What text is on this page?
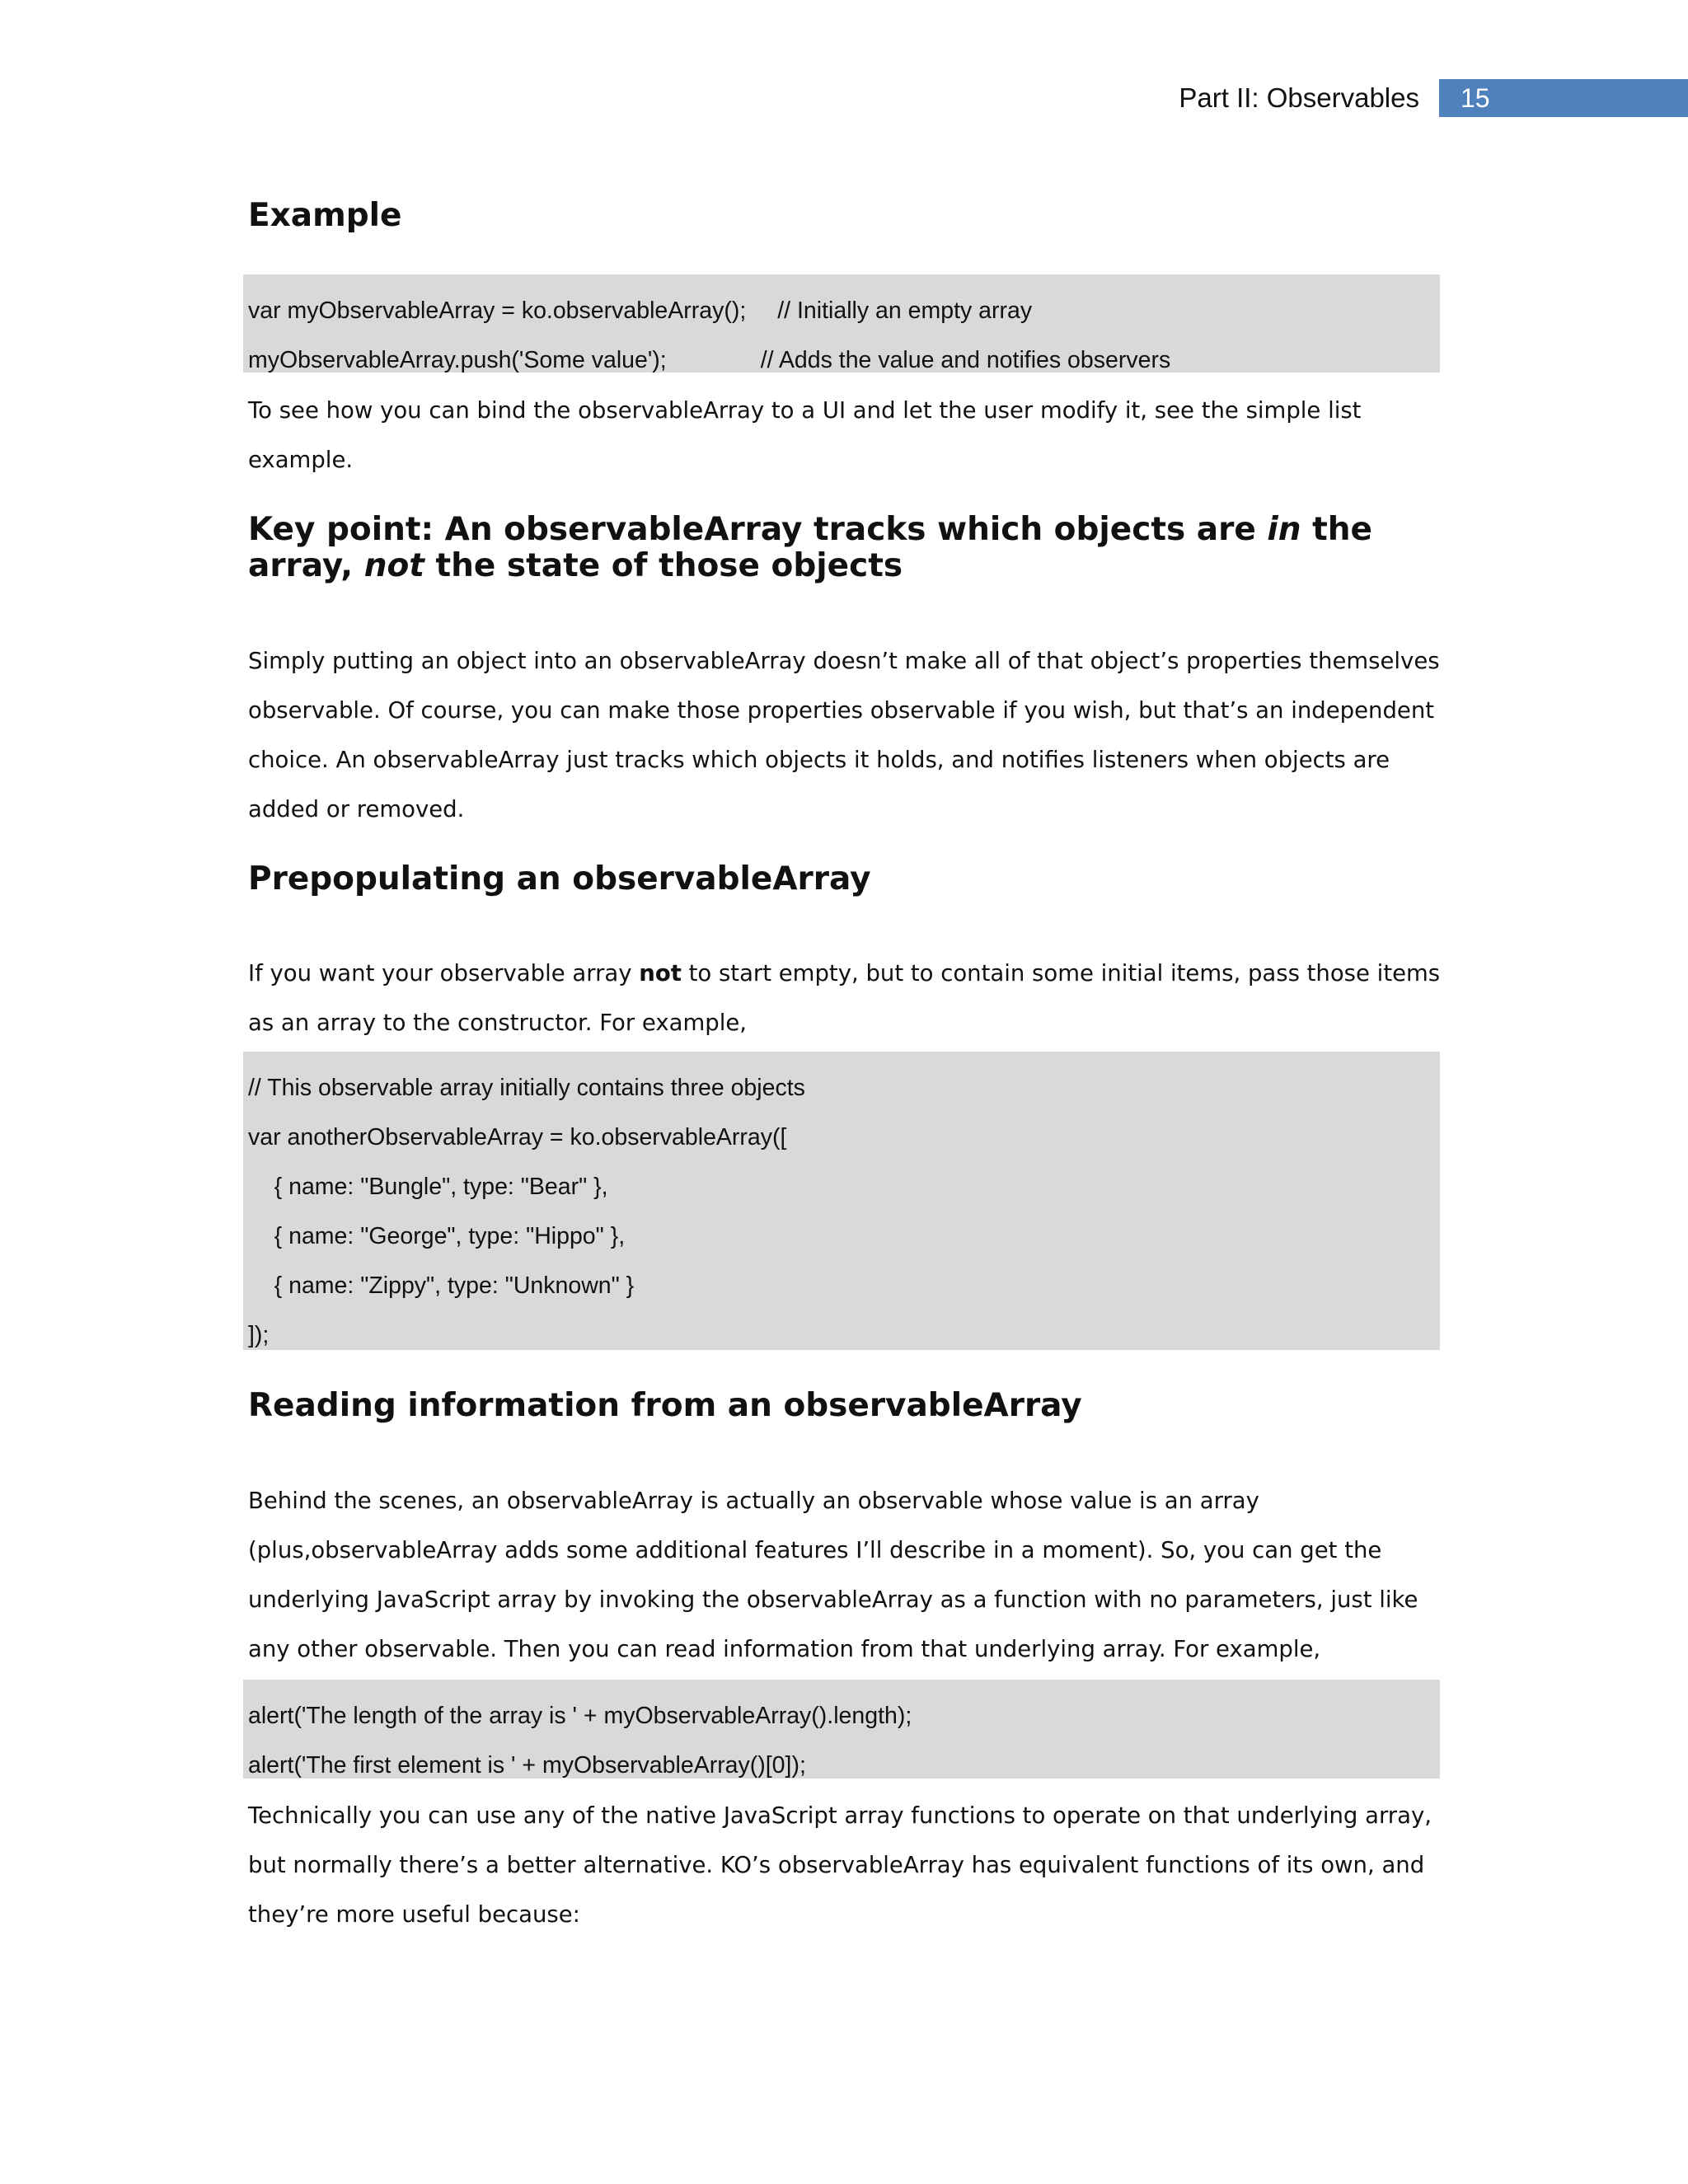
Part II: Observables	15
Example
var myObservableArray = ko.observableArray(); // Initially an empty array
myObservableArray.push('Some value');	// Adds the value and notifies observers

To see how you can bind the observableArray to a UI and let the user modify it, see the simple list example.

Key point: An observableArray tracks which objects are in the array, not the state of those objects

Simply putting an object into an observableArray doesn’t make all of that object’s properties themselves observable. Of course, you can make those properties observable if you wish, but that’s an independent choice. An observableArray just tracks which objects it holds, and notifies listeners when objects are added or removed.

Prepopulating an observableArray

If you want your observable array not to start empty, but to contain some initial items, pass those items as an array to the constructor. For example,

// This observable array initially contains three objects
var anotherObservableArray = ko.observableArray([
{ name: "Bungle", type: "Bear" },
{ name: "George", type: "Hippo" },
{ name: "Zippy", type: "Unknown" }
]);
Reading information from an observableArray

Behind the scenes, an observableArray is actually an observable whose value is an array (plus,observableArray adds some additional features I’ll describe in a moment). So, you can get the underlying JavaScript array by invoking the observableArray as a function with no parameters, just like any other observable. Then you can read information from that underlying array. For example,

alert('The length of the array is ' + myObservableArray().length);
alert('The first element is ' + myObservableArray()[0]);

Technically you can use any of the native JavaScript array functions to operate on that underlying array, but normally there’s a better alternative. KO’s observableArray has equivalent functions of its own, and they’re more useful because:
